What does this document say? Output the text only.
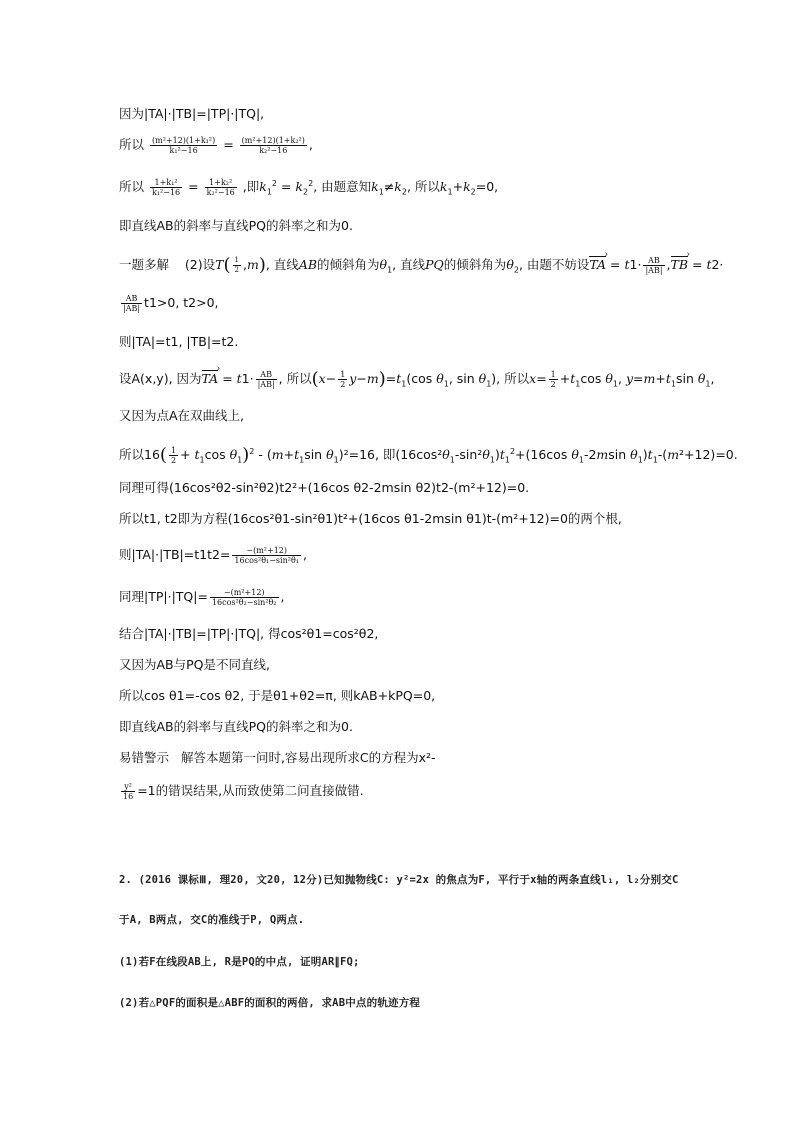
因为|TA|·|TB|=|TP|·|TQ|,
所以 $\frac{\text{(m²+12)(1+k₁²)}}{\text{k₁²−16}} = \frac{\text{(m²+12)(1+k₂²)}}{\text{k₂²−16}}$ ,
所以 $\frac{\text{1+k₁²}}{\text{k₁²−16}} = \frac{\text{1+k₂²}}{\text{k₂²−16}}$ ,即$k_1^2 = k_2^2$, 由题意知$k_1\ne k_2$, 所以$k_1+k_2=0$,
即直线AB的斜率与直线PQ的斜率之和为0.
一题多解    (2)设$T( \frac{1}{2} ,m)$, 直线AB的倾斜角为$\theta_1$, 直线PQ的倾斜角为$\theta_2$, 由题不妨设TA › = $t1\cdot \frac{AB}{|AB|} ,TB$ › = t2·
$\frac{AB}{|AB|} t1>0$, t2>0,
则|TA|=t1, |TB|=t2.
设A(x,y), 因为TA › = $t1\cdot \frac{AB}{|AB|}$ , 所以$(x- \frac{1}{2} y-m)=t_1(\cos$ $\theta_1$, $\sin \theta_1$), 所以$x= \frac{1}{2} +t_1\cos$ $\theta_1$, $y=m+t_1\sin$ $\theta_1$,
又因为点A在双曲线上,
所以$16( \frac{1}{2} + t_1\cos$ $\theta_1)^2 - (m+t_1\sin$ $\theta_1)^2=16$, 即$(16\cos^2\theta_1-\sin^2\theta_1)t_1^2+(16\cos$ $\theta_1-2msin$ $\theta_1)t_1-(m^2+12)=0$.
同理可得(16cos²θ2-sin²θ2)t2²+(16cos θ2-2msin θ2)t2-(m²+12)=0.
所以t1, t2即为方程(16cos²θ1-sin²θ1)t²+(16cos θ1-2msin θ1)t-(m²+12)=0的两个根,
则$|TA|\cdot|TB|=t1t2= \frac{\text{−(m²+12)}}{\text{16cos²θ₁−sin²θ₁}}$ ,
同理$|TP|\cdot|TQ|= \frac{\text{−(m²+12)}}{\text{16cos²θ₂−sin²θ₂}}$ ,
结合|TA|·|TB|=|TP|·|TQ|, 得cos²θ1=cos²θ2,
又因为AB与PQ是不同直线,
所以cos θ1=-cos θ2, 于是θ1+θ2=π, 则kAB+kPQ=0,
即直线AB的斜率与直线PQ的斜率之和为0.
易错警示 解答本题第一问时,容易出现所求C的方程为x²-
$\frac{\text{y²}}{16} =1$的错误结果,从而致使第二问直接做错.
2. (2016 课标Ⅲ, 理20, 文20, 12分)已知抛物线C: y²=2x 的焦点为F, 平行于x轴的两条直线l₁, l₂分别交C
于A, B两点, 交C的准线于P, Q两点.
(1)若F在线段AB上, R是PQ的中点, 证明AR∥FQ;
(2)若△PQF的面积是△ABF的面积的两倍, 求AB中点的轨迹方程
